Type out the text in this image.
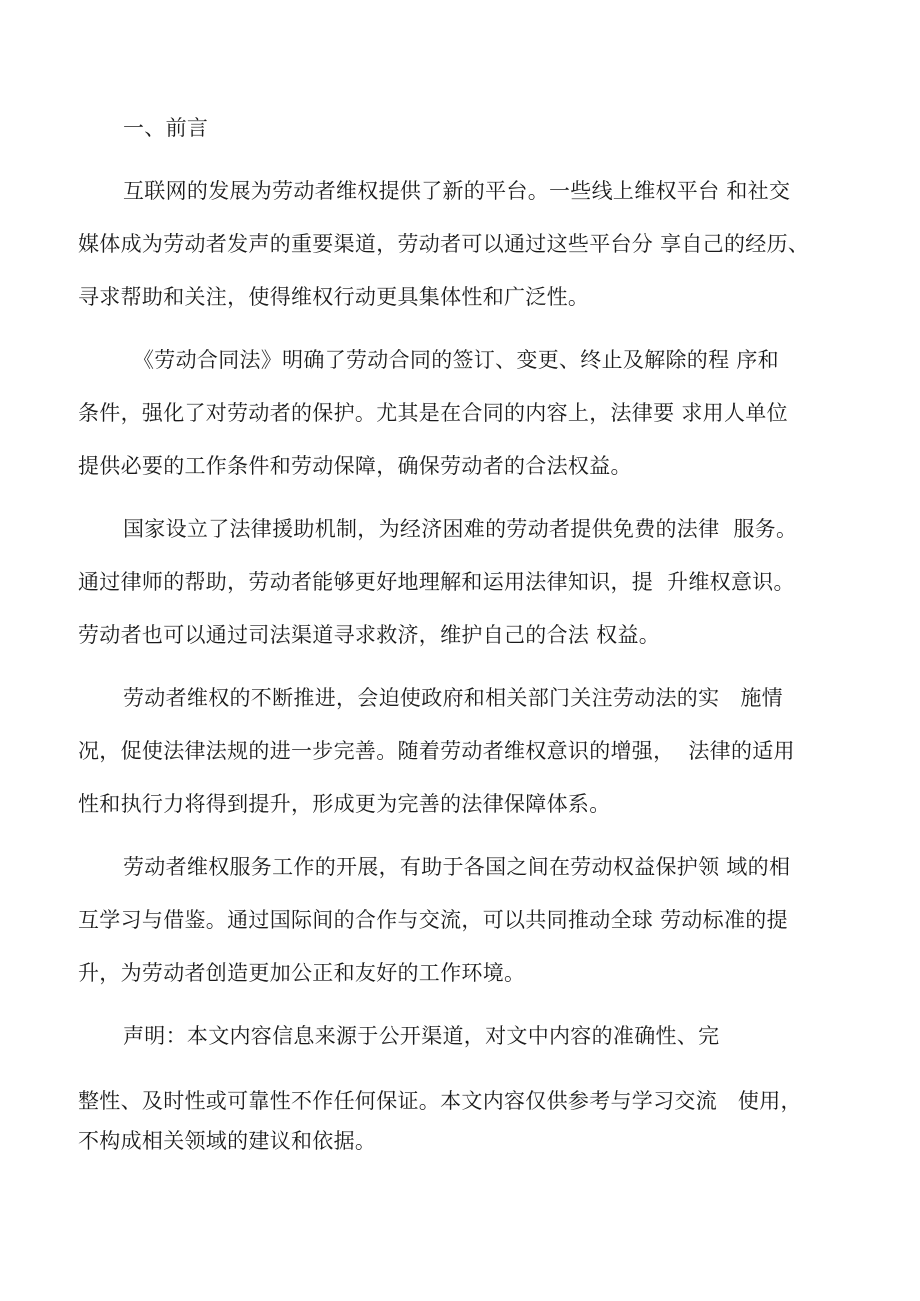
一、前言
互联网的发展为劳动者维权提供了新的平台。一些线上维权平台 和社交
媒体成为劳动者发声的重要渠道，劳动者可以通过这些平台分 享自己的经历、
寻求帮助和关注，使得维权行动更具集体性和广泛性。
《劳动合同法》明确了劳动合同的签订、变更、终止及解除的程 序和
条件，强化了对劳动者的保护。尤其是在合同的内容上，法律要 求用人单位
提供必要的工作条件和劳动保障，确保劳动者的合法权益。
国家设立了法律援助机制，为经济困难的劳动者提供免费的法律  服务。
通过律师的帮助，劳动者能够更好地理解和运用法律知识，提  升维权意识。
劳动者也可以通过司法渠道寻求救济，维护自己的合法 权益。
劳动者维权的不断推进，会迫使政府和相关部门关注劳动法的实   施情
况，促使法律法规的进一步完善。随着劳动者维权意识的增强，  法律的适用
性和执行力将得到提升，形成更为完善的法律保障体系。
劳动者维权服务工作的开展，有助于各国之间在劳动权益保护领 域的相
互学习与借鉴。通过国际间的合作与交流，可以共同推动全球 劳动标准的提
升，为劳动者创造更加公正和友好的工作环境。
声明：本文内容信息来源于公开渠道，对文中内容的准确性、完
整性、及时性或可靠性不作任何保证。本文内容仅供参考与学习交流   使用，
不构成相关领域的建议和依据。
